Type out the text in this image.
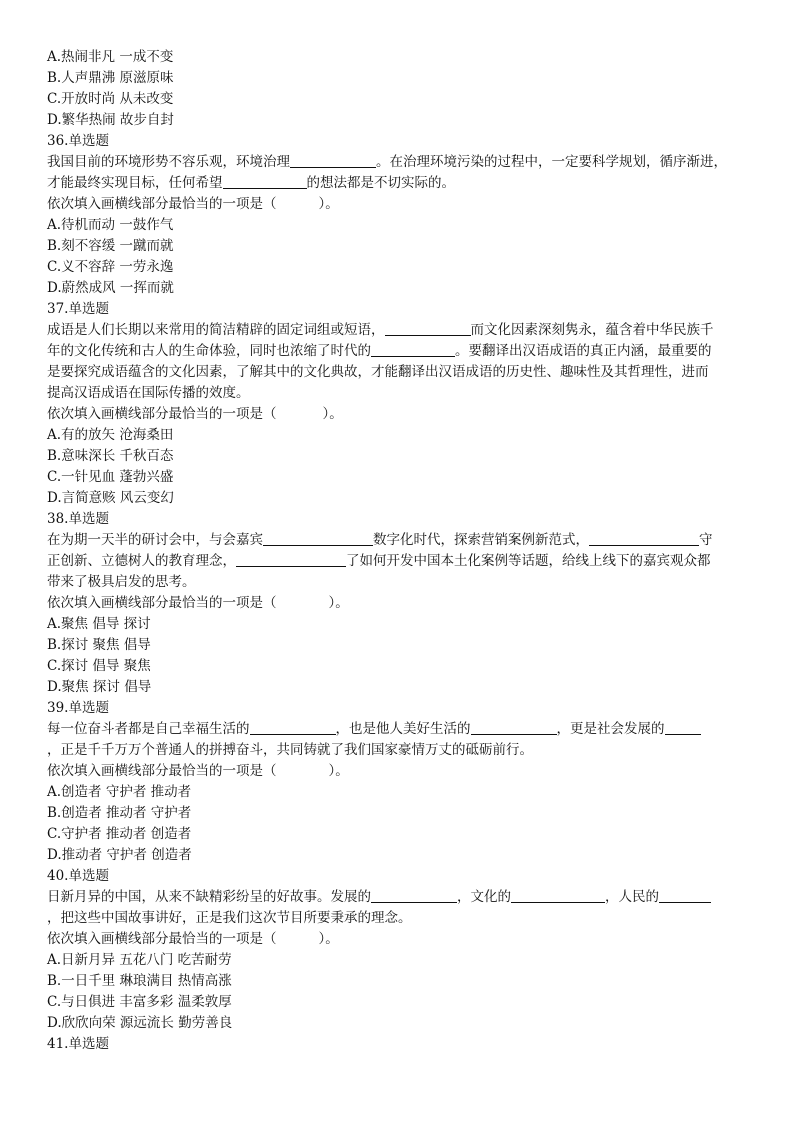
A.热闹非凡 一成不变
B.人声鼎沸 原滋原味
C.开放时尚 从未改变
D.繁华热闹 故步自封
36.单选题
我国目前的环境形势不容乐观，环境治理	。在治理环境污染的过程中，一定要科学规划，循序渐进，
才能最终实现目标，任何希望	的想法都是不切实际的。
依次填入画横线部分最恰当的一项是（	）。
A.待机而动 一鼓作气
B.刻不容缓 一蹴而就
C.义不容辞 一劳永逸
D.蔚然成风 一挥而就
37.单选题
成语是人们长期以来常用的简洁精辟的固定词组或短语，	而文化因素深刻隽永，蕴含着中华民族千
年的文化传统和古人的生命体验，同时也浓缩了时代的	。要翻译出汉语成语的真正内涵，最重要的
是要探究成语蕴含的文化因素，了解其中的文化典故，才能翻译出汉语成语的历史性、趣味性及其哲理性，进而
提高汉语成语在国际传播的效度。
依次填入画横线部分最恰当的一项是（	）。
A.有的放矢 沧海桑田
B.意味深长 千秋百态
C.一针见血 蓬勃兴盛
D.言简意赅 风云变幻
38.单选题
在为期一天半的研讨会中，与会嘉宾	数字化时代，探索营销案例新范式，	守
正创新、立德树人的教育理念，	了如何开发中国本土化案例等话题，给线上线下的嘉宾观众都
带来了极具启发的思考。
依次填入画横线部分最恰当的一项是（	）。
A.聚焦 倡导 探讨
B.探讨 聚焦 倡导
C.探讨 倡导 聚焦
D.聚焦 探讨 倡导
39.单选题
每一位奋斗者都是自己幸福生活的	，也是他人美好生活的	，更是社会发展的
，正是千千万万个普通人的拼搏奋斗，共同铸就了我们国家豪情万丈的砥砺前行。
依次填入画横线部分最恰当的一项是（	）。
A.创造者 守护者 推动者
B.创造者 推动者 守护者
C.守护者 推动者 创造者
D.推动者 守护者 创造者
40.单选题
日新月异的中国，从来不缺精彩纷呈的好故事。发展的	，文化的	，人民的
，把这些中国故事讲好，正是我们这次节目所要秉承的理念。
依次填入画横线部分最恰当的一项是（	）。
A.日新月异 五花八门 吃苦耐劳
B.一日千里 琳琅满目 热情高涨
C.与日俱进 丰富多彩 温柔敦厚
D.欣欣向荣 源远流长 勤劳善良
41.单选题
